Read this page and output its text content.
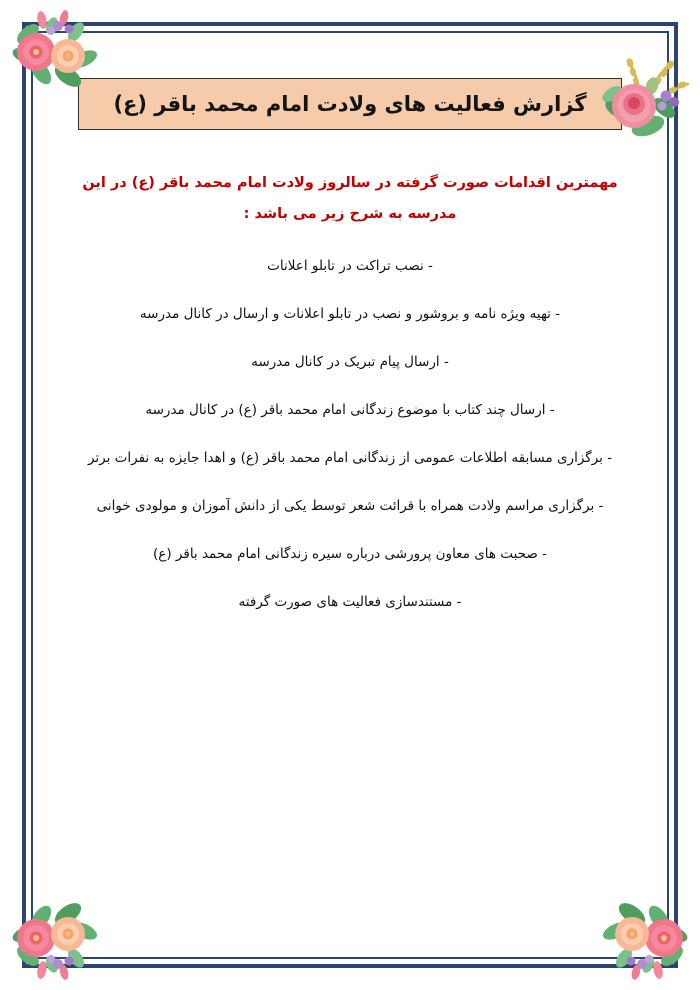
گزارش فعالیت های ولادت امام محمد باقر (ع)
مهمترین اقدامات صورت گرفته در سالروز ولادت امام محمد باقر (ع) در این مدرسه به شرح زیر می باشد :
- نصب تراکت در تابلو اعلانات
- تهیه ویژه نامه و بروشور و نصب در تابلو اعلانات و ارسال در کانال مدرسه
- ارسال پیام تبریک در کانال مدرسه
- ارسال چند کتاب با موضوع زندگانی امام محمد باقر (ع) در کانال مدرسه
- برگزاری مسابقه اطلاعات عمومی از زندگانی امام محمد باقر (ع) و اهدا جایزه به نفرات برتر
- برگزاری مراسم ولادت همراه با قرائت شعر توسط یکی از دانش آموزان و مولودی خوانی
- صحبت های معاون پرورشی درباره سیره زندگانی امام محمد باقر (ع)
- مستندسازی فعالیت های صورت گرفته
